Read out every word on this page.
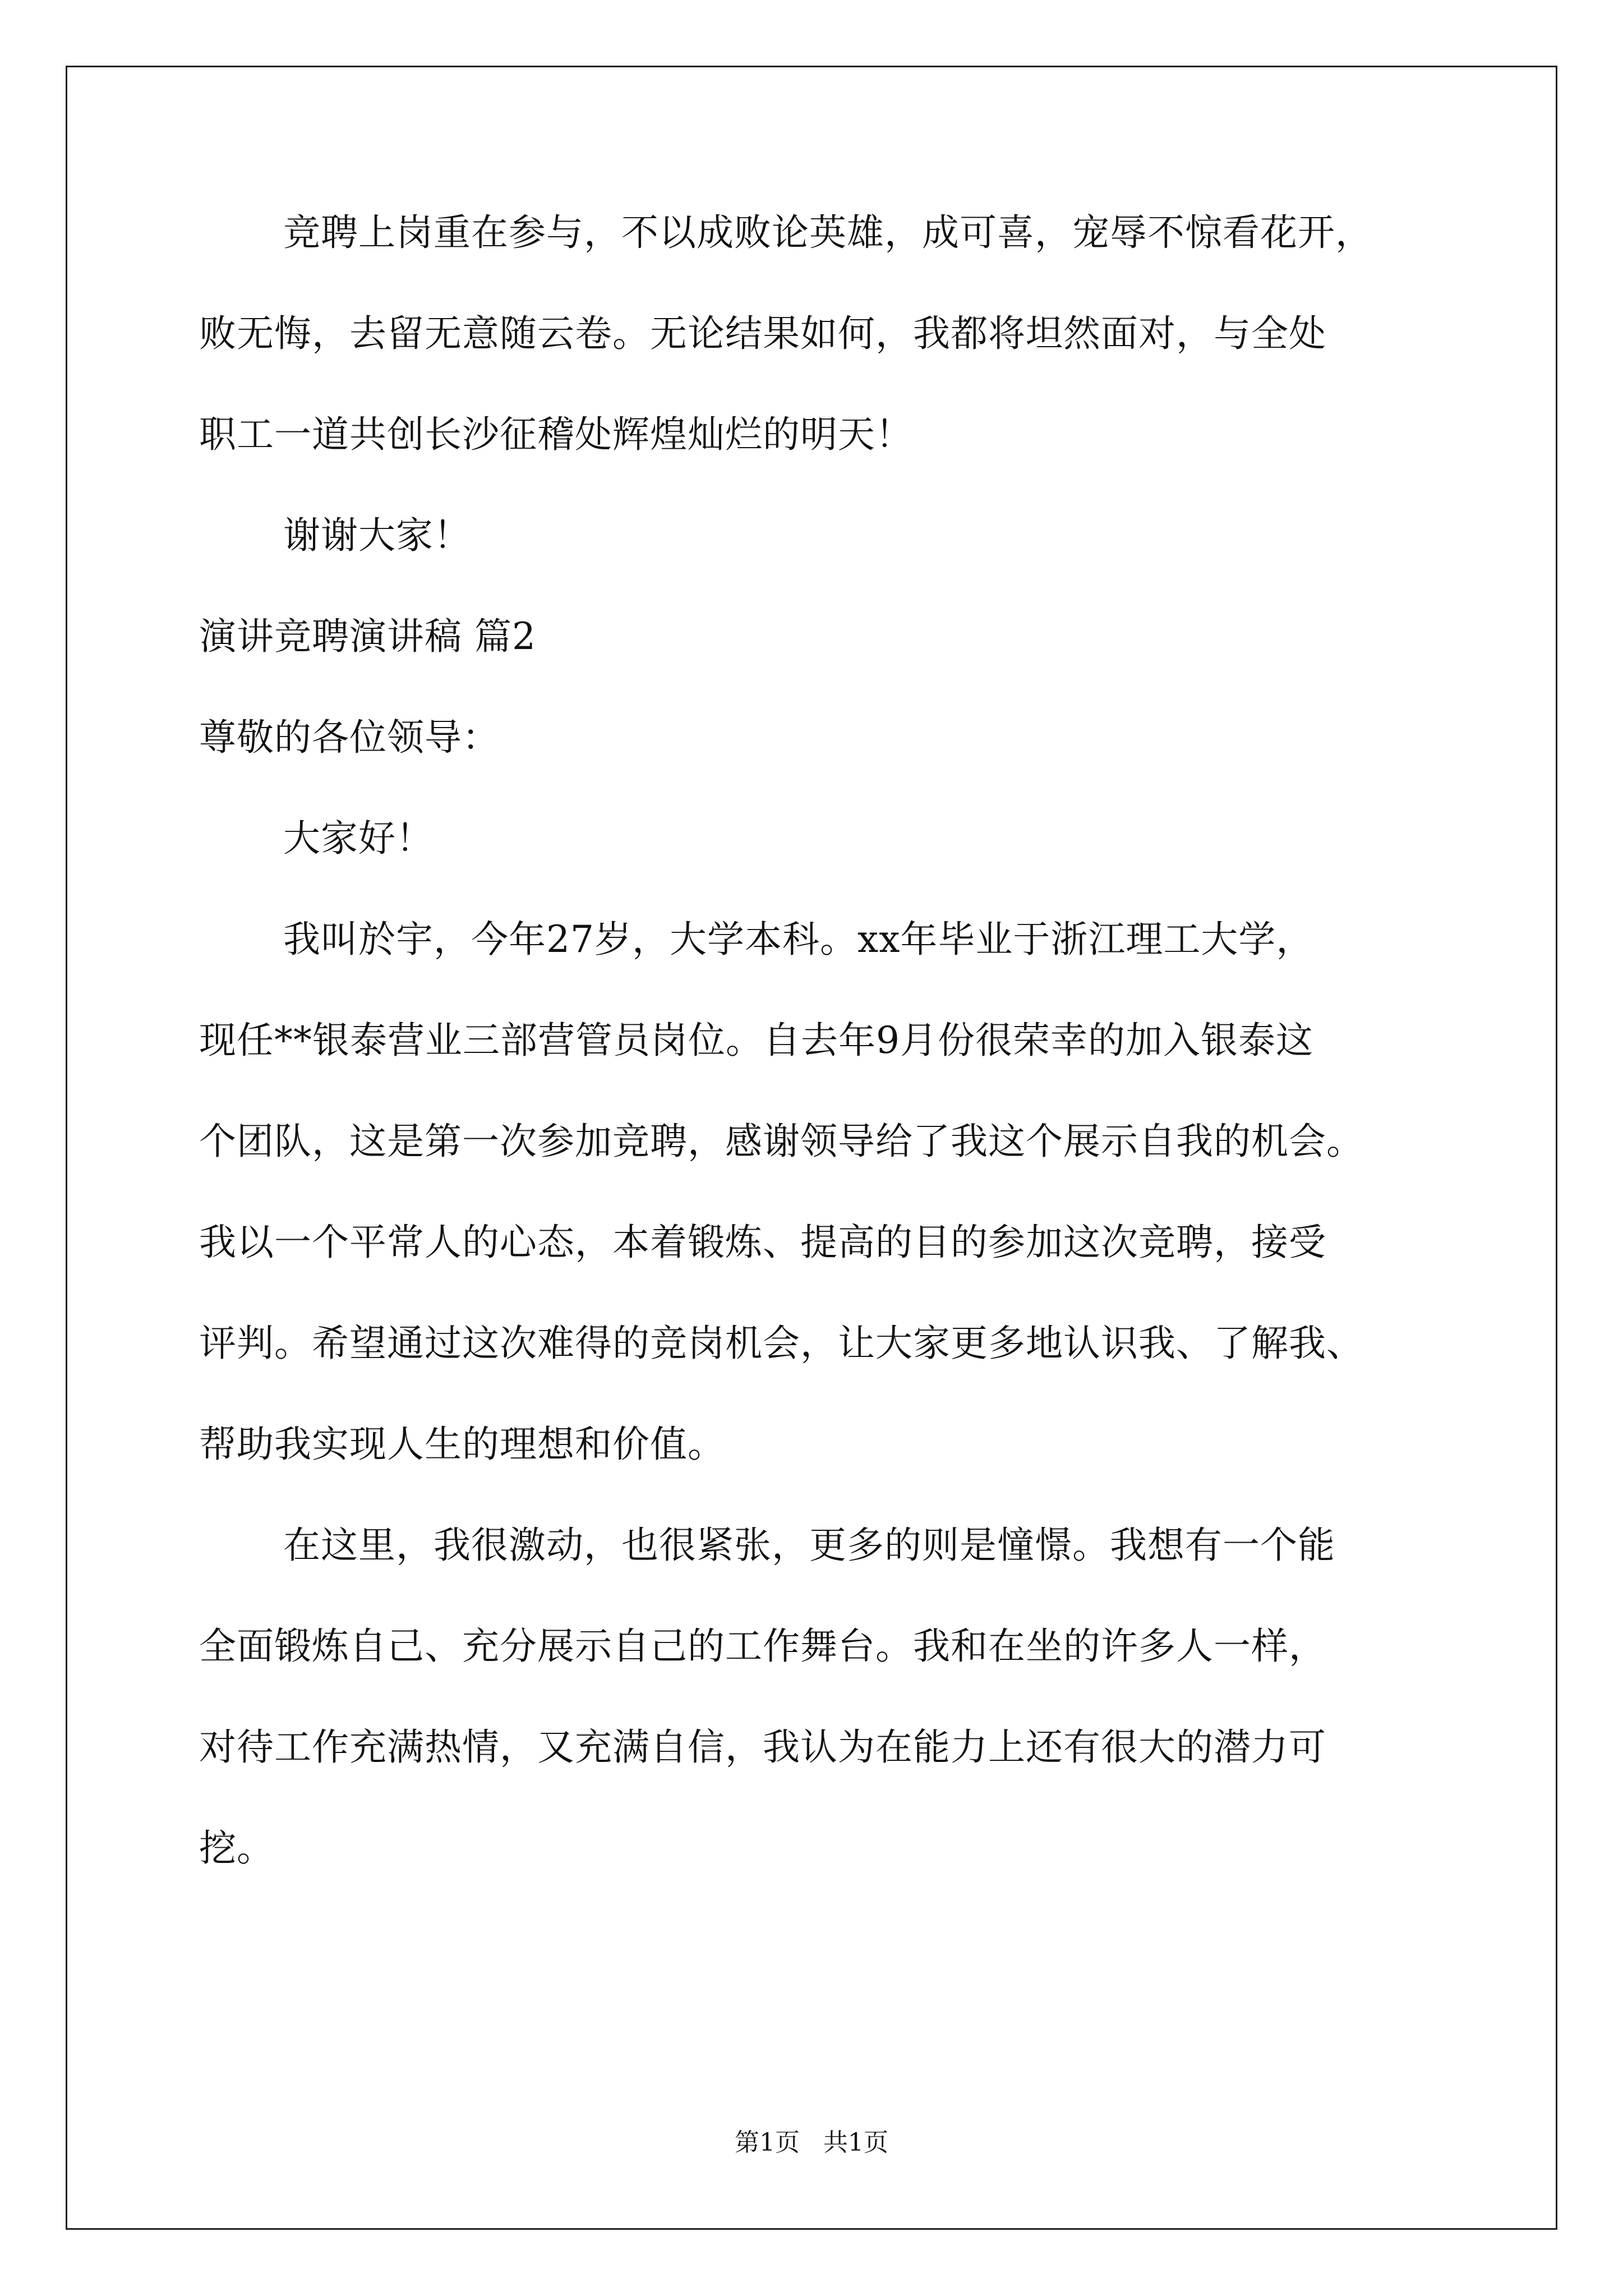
竞聘上岗重在参与，不以成败论英雄，成可喜，宠辱不惊看花开，
败无悔，去留无意随云卷。无论结果如何，我都将坦然面对，与全处
职工一道共创长沙征稽处辉煌灿烂的明天！
谢谢大家！
演讲竞聘演讲稿 篇2
尊敬的各位领导：
大家好！
我叫於宇，今年27岁，大学本科。xx年毕业于浙江理工大学，
现任**银泰营业三部营管员岗位。自去年9月份很荣幸的加入银泰这
个团队，这是第一次参加竞聘，感谢领导给了我这个展示自我的机会。
我以一个平常人的心态，本着锻炼、提高的目的参加这次竞聘，接受
评判。希望通过这次难得的竞岗机会，让大家更多地认识我、了解我、
帮助我实现人生的理想和价值。
在这里，我很激动，也很紧张，更多的则是憧憬。我想有一个能
全面锻炼自己、充分展示自己的工作舞台。我和在坐的许多人一样，
对待工作充满热情，又充满自信，我认为在能力上还有很大的潜力可
挖。
第1页   共1页
